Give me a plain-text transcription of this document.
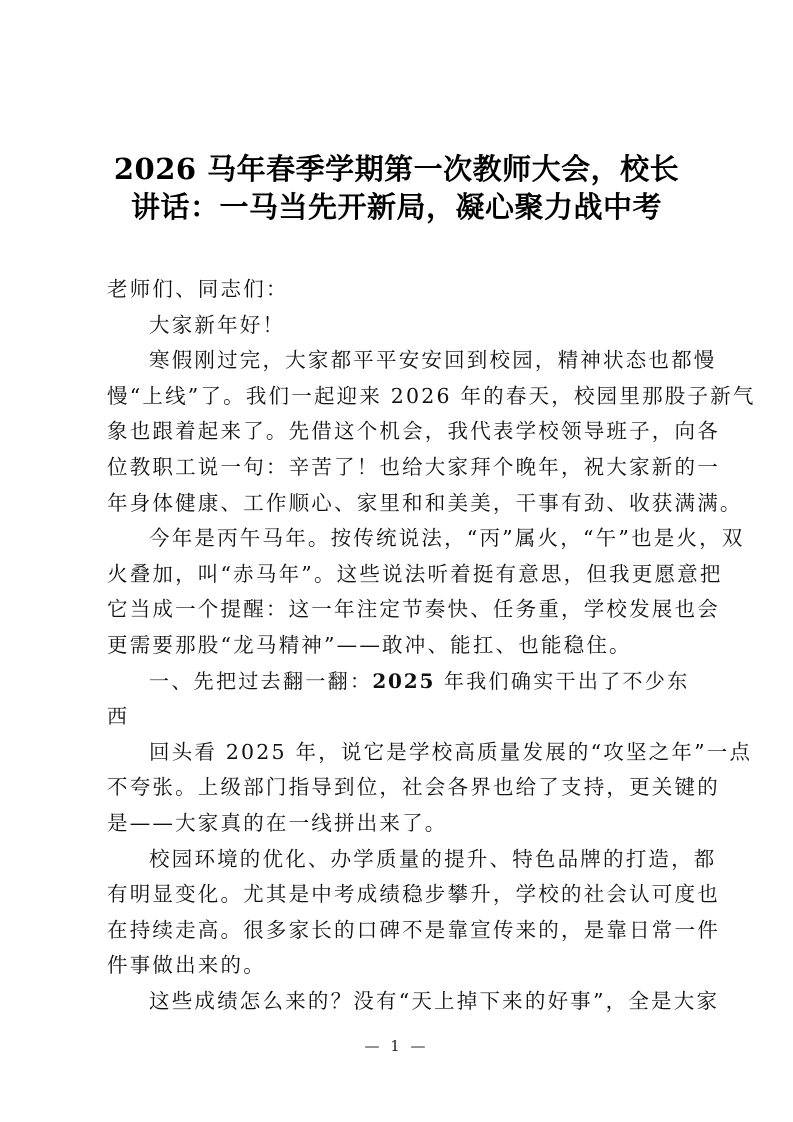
2026 马年春季学期第一次教师大会，校长
讲话：一马当先开新局，凝心聚力战中考

老师们、同志们：

大家新年好！

寒假刚过完，大家都平平安安回到校园，精神状态也都慢
慢“上线”了。我们一起迎来 2026 年的春天，校园里那股子新气
象也跟着起来了。先借这个机会，我代表学校领导班子，向各
位教职工说一句：辛苦了！也给大家拜个晚年，祝大家新的一
年身体健康、工作顺心、家里和和美美，干事有劲、收获满满。

今年是丙午马年。按传统说法，“丙”属火，“午”也是火，双
火叠加，叫“赤马年”。这些说法听着挺有意思，但我更愿意把
它当成一个提醒：这一年注定节奏快、任务重，学校发展也会
更需要那股“龙马精神”——敢冲、能扛、也能稳住。

一、先把过去翻一翻：2025 年我们确实干出了不少东西

回头看 2025 年，说它是学校高质量发展的“攻坚之年”一点
不夸张。上级部门指导到位，社会各界也给了支持，更关键的
是——大家真的在一线拼出来了。

校园环境的优化、办学质量的提升、特色品牌的打造，都
有明显变化。尤其是中考成绩稳步攀升，学校的社会认可度也
在持续走高。很多家长的口碑不是靠宣传来的，是靠日常一件
件事做出来的。

这些成绩怎么来的？没有“天上掉下来的好事”，全是大家

— 1 —
